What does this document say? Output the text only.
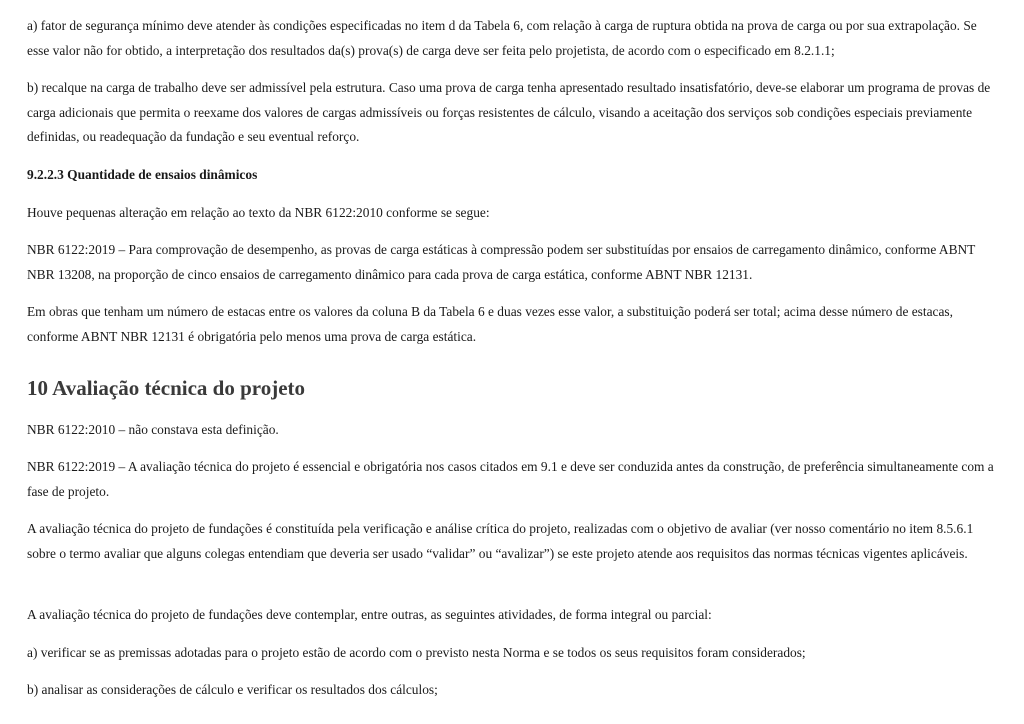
a) fator de segurança mínimo deve atender às condições especificadas no item d da Tabela 6, com relação à carga de ruptura obtida na prova de carga ou por sua extrapolação. Se esse valor não for obtido, a interpretação dos resultados da(s) prova(s) de carga deve ser feita pelo projetista, de acordo com o especificado em 8.2.1.1;

b) recalque na carga de trabalho deve ser admissível pela estrutura. Caso uma prova de carga tenha apresentado resultado insatisfatório, deve-se elaborar um programa de provas de carga adicionais que permita o reexame dos valores de cargas admissíveis ou forças resistentes de cálculo, visando a aceitação dos serviços sob condições especiais previamente definidas, ou readequação da fundação e seu eventual reforço.

9.2.2.3 Quantidade de ensaios dinâmicos

Houve pequenas alteração em relação ao texto da NBR 6122:2010 conforme se segue:

NBR 6122:2019 – Para comprovação de desempenho, as provas de carga estáticas à compressão podem ser substituídas por ensaios de carregamento dinâmico, conforme ABNT NBR 13208, na proporção de cinco ensaios de carregamento dinâmico para cada prova de carga estática, conforme ABNT NBR 12131.

Em obras que tenham um número de estacas entre os valores da coluna B da Tabela 6 e duas vezes esse valor, a substituição poderá ser total; acima desse número de estacas, conforme ABNT NBR 12131 é obrigatória pelo menos uma prova de carga estática.

10 Avaliação técnica do projeto

NBR 6122:2010 – não constava esta definição.

NBR 6122:2019 – A avaliação técnica do projeto é essencial e obrigatória nos casos citados em 9.1 e deve ser conduzida antes da construção, de preferência simultaneamente com a fase de projeto.

A avaliação técnica do projeto de fundações é constituída pela verificação e análise crítica do projeto, realizadas com o objetivo de avaliar (ver nosso comentário no item 8.5.6.1 sobre o termo avaliar que alguns colegas entendiam que deveria ser usado “validar” ou “avalizar”) se este projeto atende aos requisitos das normas técnicas vigentes aplicáveis.

A avaliação técnica do projeto de fundações deve contemplar, entre outras, as seguintes atividades, de forma integral ou parcial:

a) verificar se as premissas adotadas para o projeto estão de acordo com o previsto nesta Norma e se todos os seus requisitos foram considerados;

b) analisar as considerações de cálculo e verificar os resultados dos cálculos;
